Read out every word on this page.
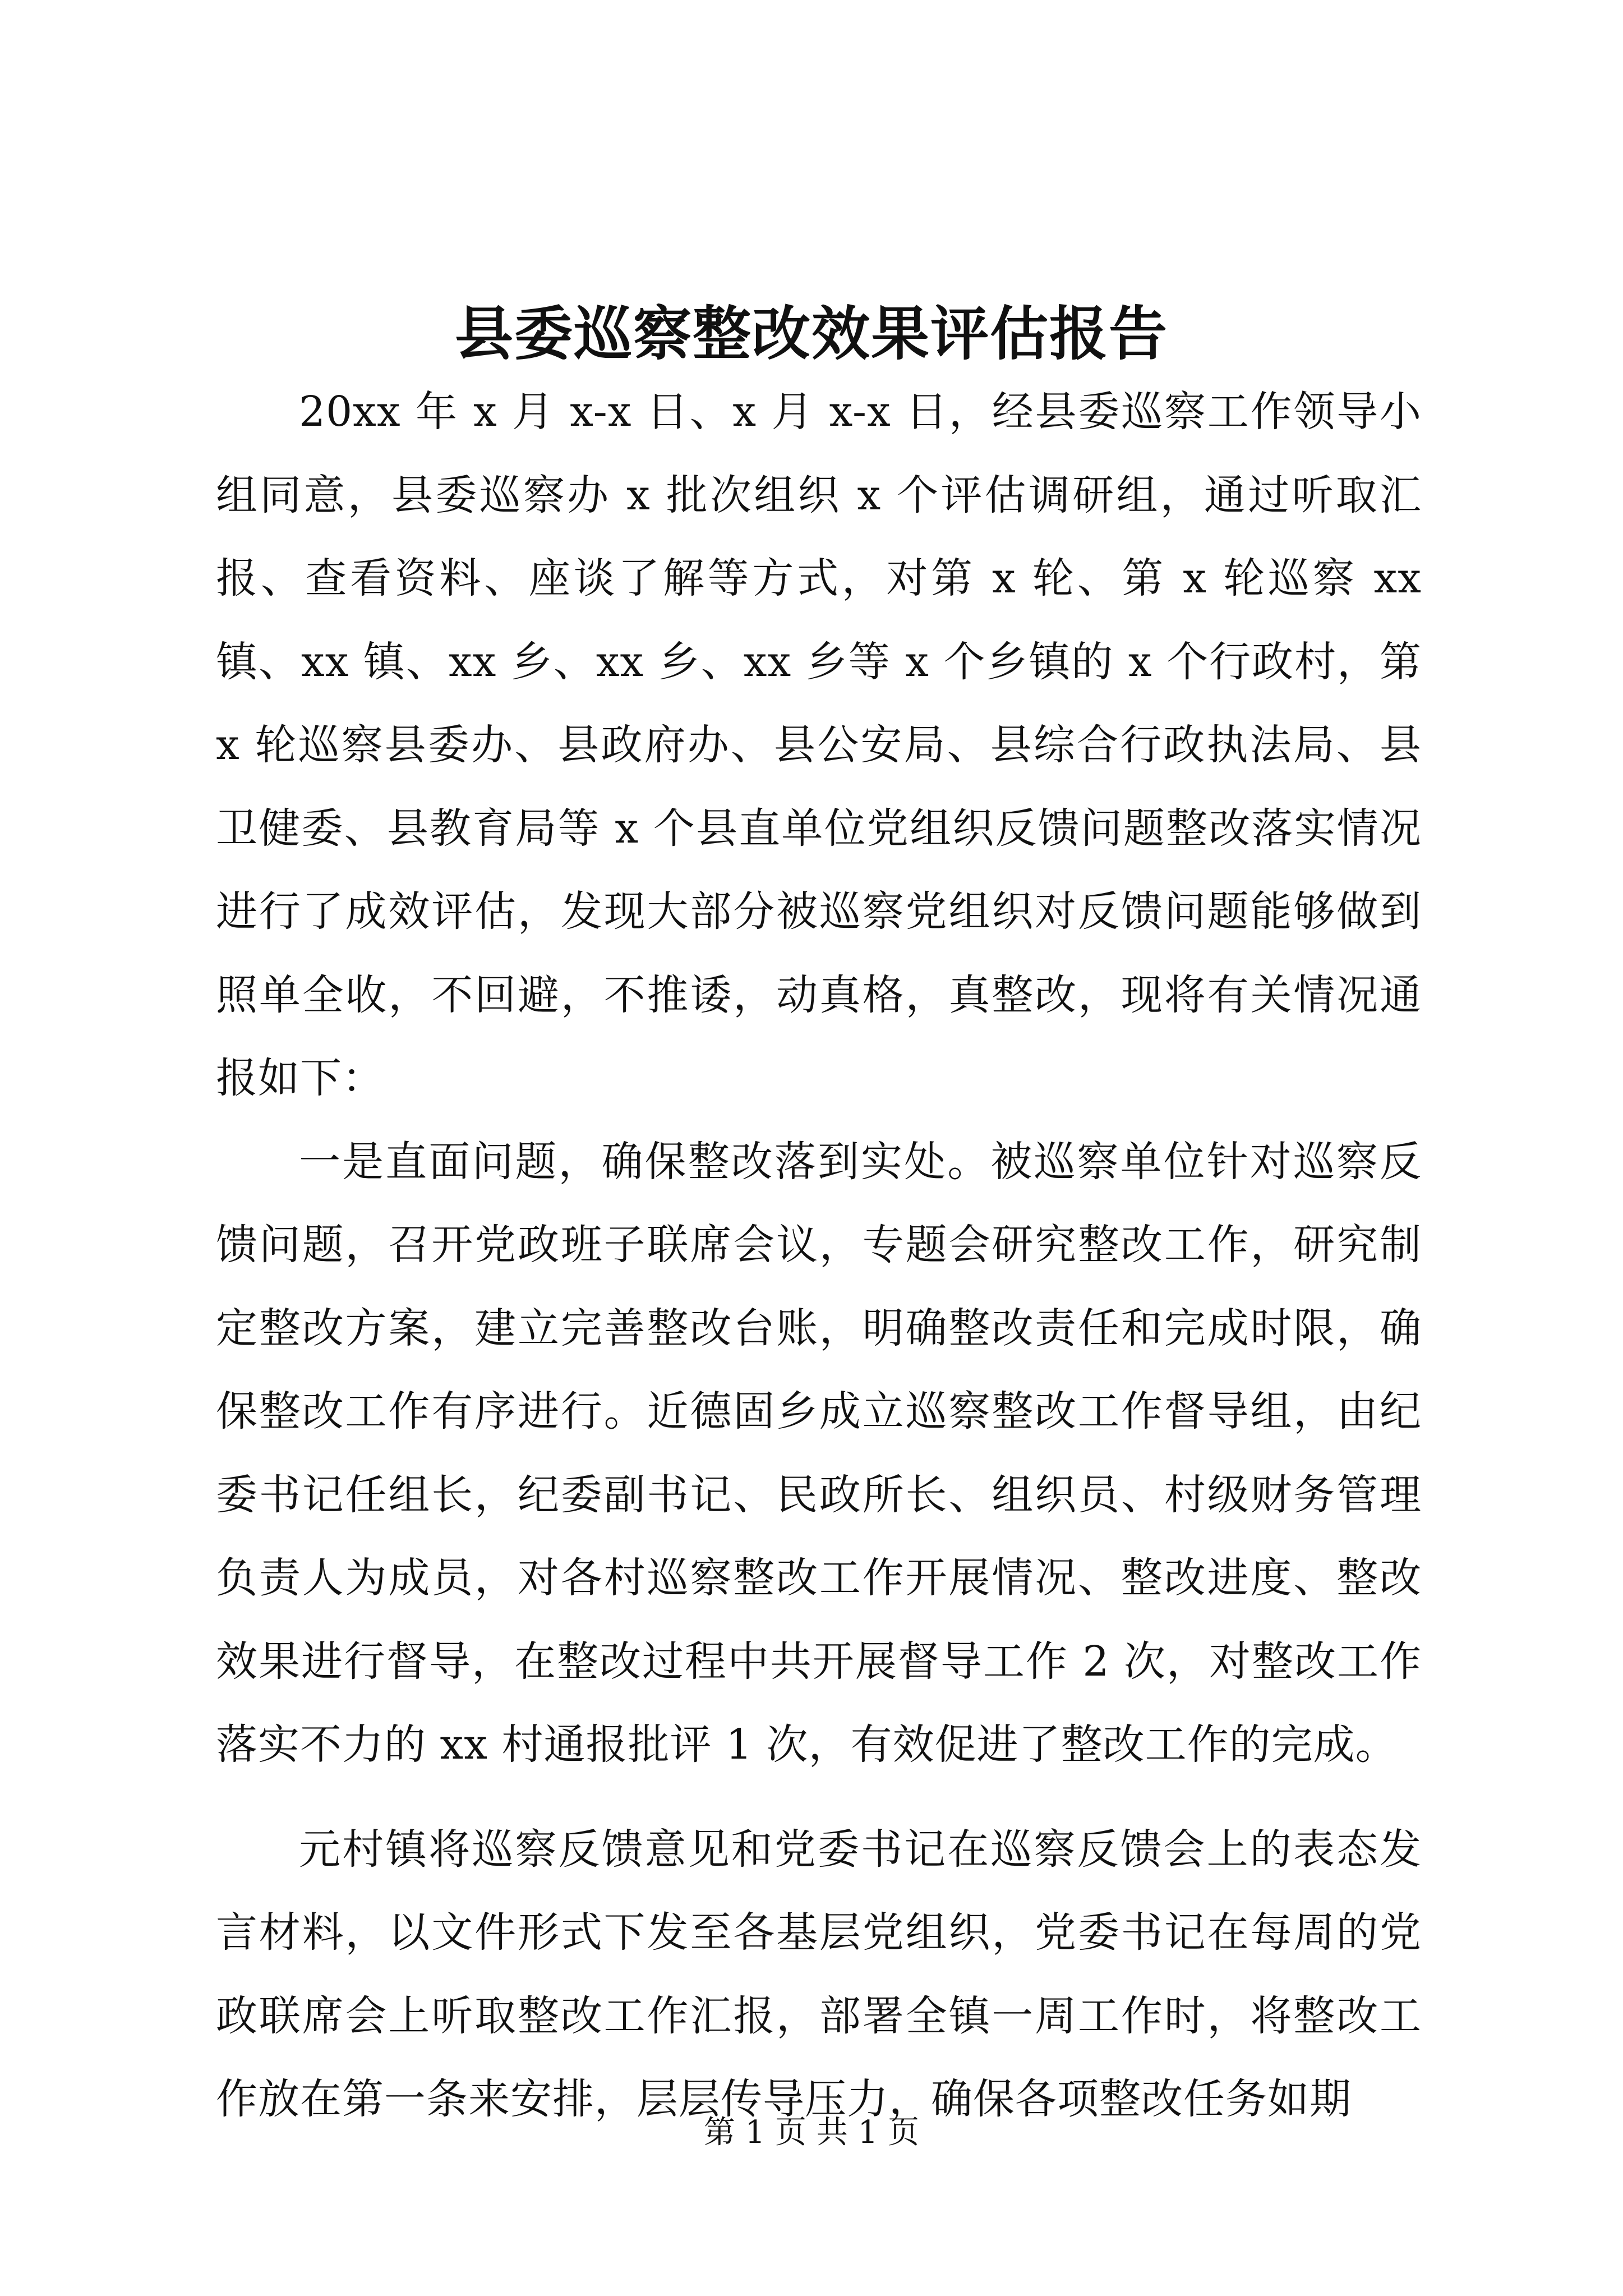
县委巡察整改效果评估报告

20xx 年 x 月 x-x 日、x 月 x-x 日，经县委巡察工作领导小组同意，县委巡察办 x 批次组织 x 个评估调研组，通过听取汇报、查看资料、座谈了解等方式，对第 x 轮、第 x 轮巡察 xx 镇、xx 镇、xx 乡、xx 乡、xx 乡等 x 个乡镇的 x 个行政村，第 x 轮巡察县委办、县政府办、县公安局、县综合行政执法局、县卫健委、县教育局等 x 个县直单位党组织反馈问题整改落实情况进行了成效评估，发现大部分被巡察党组织对反馈问题能够做到照单全收，不回避，不推诿，动真格，真整改，现将有关情况通报如下：

一是直面问题，确保整改落到实处。被巡察单位针对巡察反馈问题，召开党政班子联席会议，专题会研究整改工作，研究制定整改方案，建立完善整改台账，明确整改责任和完成时限，确保整改工作有序进行。近德固乡成立巡察整改工作督导组，由纪委书记任组长，纪委副书记、民政所长、组织员、村级财务管理负责人为成员，对各村巡察整改工作开展情况、整改进度、整改效果进行督导，在整改过程中共开展督导工作 2 次，对整改工作落实不力的 xx 村通报批评 1 次，有效促进了整改工作的完成。

元村镇将巡察反馈意见和党委书记在巡察反馈会上的表态发言材料，以文件形式下发至各基层党组织，党委书记在每周的党政联席会上听取整改工作汇报，部署全镇一周工作时，将整改工作放在第一条来安排，层层传导压力，确保各项整改任务如期

第 1 页 共 1 页
